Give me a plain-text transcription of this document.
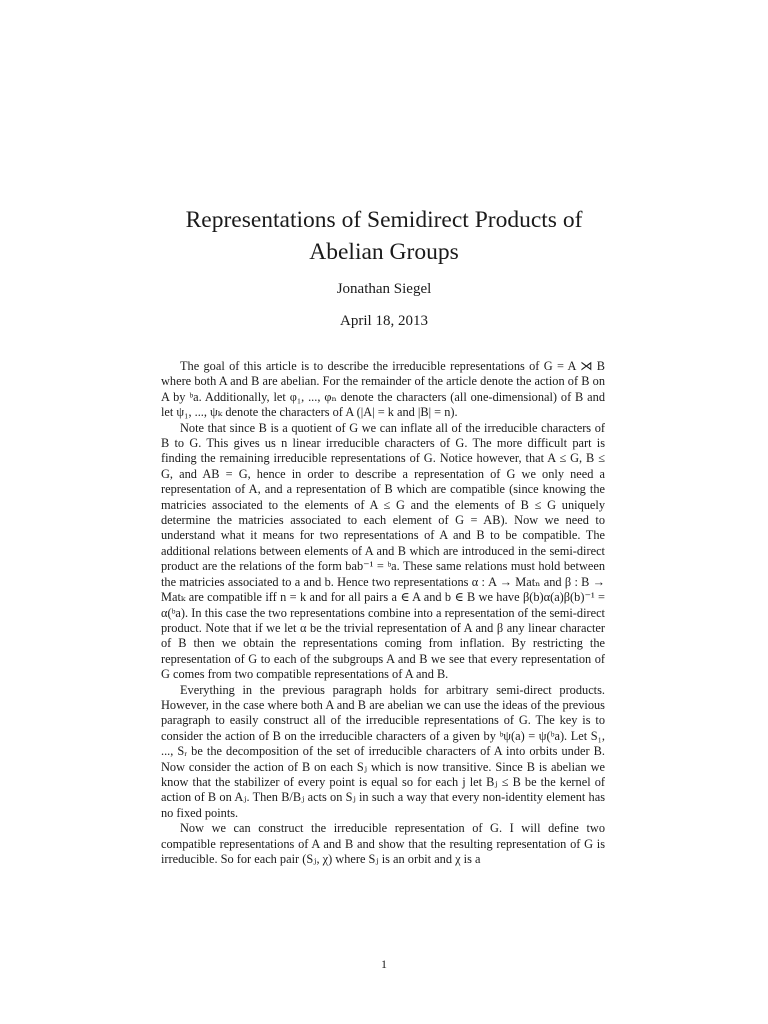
Representations of Semidirect Products of
Abelian Groups
Jonathan Siegel
April 18, 2013

The goal of this article is to describe the irreducible representations of G = A ⋊ B where both A and B are abelian. For the remainder of the article denote the action of B on A by ᵇa. Additionally, let φ₁, ..., φₙ denote the characters (all one-dimensional) of B and let ψ₁, ..., ψₖ denote the characters of A (|A| = k and |B| = n).

Note that since B is a quotient of G we can inflate all of the irreducible characters of B to G. This gives us n linear irreducible characters of G. The more difficult part is finding the remaining irreducible representations of G. Notice however, that A ≤ G, B ≤ G, and AB = G, hence in order to describe a representation of G we only need a representation of A, and a representation of B which are compatible (since knowing the matricies associated to the elements of A ≤ G and the elements of B ≤ G uniquely determine the matricies associated to each element of G = AB). Now we need to understand what it means for two representations of A and B to be compatible. The additional relations between elements of A and B which are introduced in the semi-direct product are the relations of the form bab⁻¹ = ᵇa. These same relations must hold between the matricies associated to a and b. Hence two representations α : A → Matₙ and β : B → Matₖ are compatible iff n = k and for all pairs a ∈ A and b ∈ B we have β(b)α(a)β(b)⁻¹ = α(ᵇa). In this case the two representations combine into a representation of the semi-direct product. Note that if we let α be the trivial representation of A and β any linear character of B then we obtain the representations coming from inflation. By restricting the representation of G to each of the subgroups A and B we see that every representation of G comes from two compatible representations of A and B.

Everything in the previous paragraph holds for arbitrary semi-direct products. However, in the case where both A and B are abelian we can use the ideas of the previous paragraph to easily construct all of the irreducible representations of G. The key is to consider the action of B on the irreducible characters of a given by ᵇψ(a) = ψ(ᵇa). Let S₁, ..., Sᵣ be the decomposition of the set of irreducible characters of A into orbits under B. Now consider the action of B on each Sⱼ which is now transitive. Since B is abelian we know that the stabilizer of every point is equal so for each j let Bⱼ ≤ B be the kernel of action of B on Aⱼ. Then B/Bⱼ acts on Sⱼ in such a way that every non-identity element has no fixed points.

Now we can construct the irreducible representation of G. I will define two compatible representations of A and B and show that the resulting representation of G is irreducible. So for each pair (Sⱼ, χ) where Sⱼ is an orbit and χ is a

1
